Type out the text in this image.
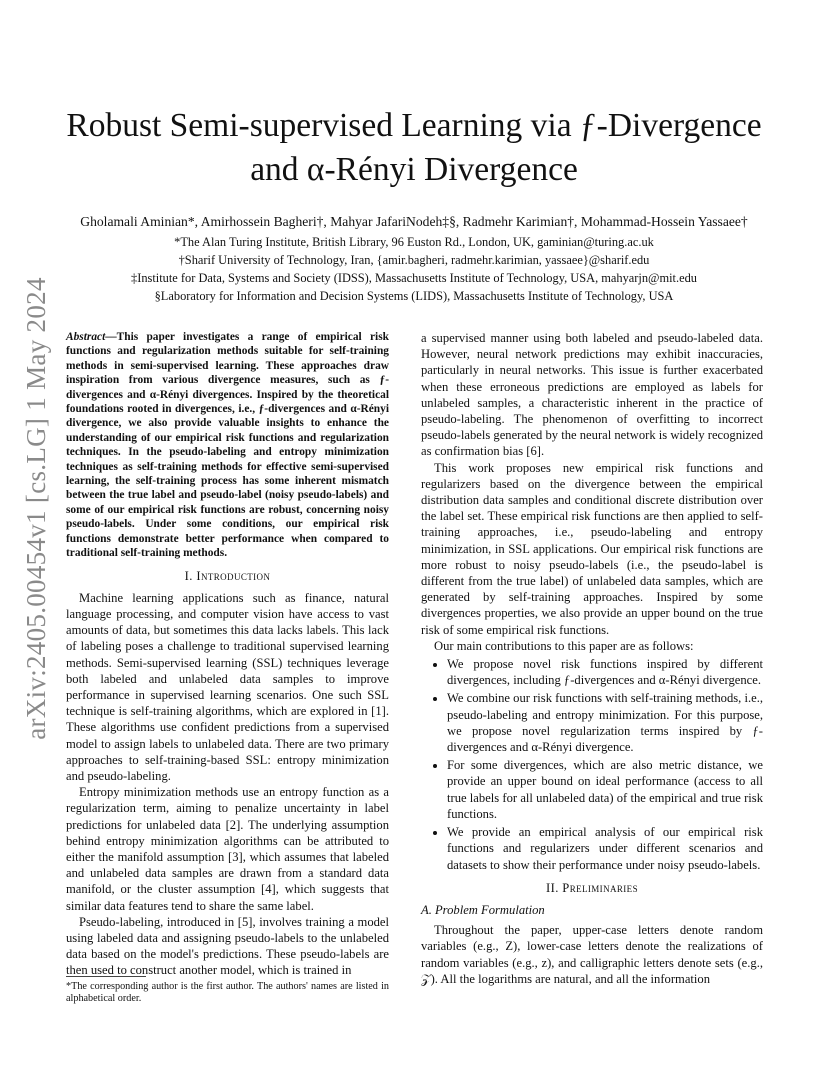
arXiv:2405.00454v1 [cs.LG] 1 May 2024
Robust Semi-supervised Learning via ƒ-Divergence and α-Rényi Divergence
Gholamali Aminian*, Amirhossein Bagheri†, Mahyar JafariNodeh‡§, Radmehr Karimian†, Mohammad-Hossein Yassaee†
*The Alan Turing Institute, British Library, 96 Euston Rd., London, UK, gaminian@turing.ac.uk
†Sharif University of Technology, Iran, {amir.bagheri, radmehr.karimian, yassaee}@sharif.edu
‡Institute for Data, Systems and Society (IDSS), Massachusetts Institute of Technology, USA, mahyarjn@mit.edu
§Laboratory for Information and Decision Systems (LIDS), Massachusetts Institute of Technology, USA

Abstract—This paper investigates a range of empirical risk functions and regularization methods suitable for self-training methods in semi-supervised learning. These approaches draw inspiration from various divergence measures, such as ƒ- divergences and α-Rényi divergences. Inspired by the theoretical foundations rooted in divergences, i.e., ƒ-divergences and α-Rényi divergence, we also provide valuable insights to enhance the understanding of our empirical risk functions and regularization techniques. In the pseudo-labeling and entropy minimization techniques as self-training methods for effective semi-supervised learning, the self-training process has some inherent mismatch between the true label and pseudo-label (noisy pseudo-labels) and some of our empirical risk functions are robust, concerning noisy pseudo-labels. Under some conditions, our empirical risk functions demonstrate better performance when compared to traditional self-training methods.

I. Introduction

Machine learning applications such as finance, natural language processing, and computer vision have access to vast amounts of data, but sometimes this data lacks labels. This lack of labeling poses a challenge to traditional supervised learning methods. Semi-supervised learning (SSL) techniques leverage both labeled and unlabeled data samples to improve performance in supervised learning scenarios. One such SSL technique is self-training algorithms, which are explored in [1]. These algorithms use confident predictions from a supervised model to assign labels to unlabeled data. There are two primary approaches to self-training-based SSL: entropy minimization and pseudo-labeling.

Entropy minimization methods use an entropy function as a regularization term, aiming to penalize uncertainty in label predictions for unlabeled data [2]. The underlying assumption behind entropy minimization algorithms can be attributed to either the manifold assumption [3], which assumes that labeled and unlabeled data samples are drawn from a standard data manifold, or the cluster assumption [4], which suggests that similar data features tend to share the same label.

Pseudo-labeling, introduced in [5], involves training a model using labeled data and assigning pseudo-labels to the unlabeled data based on the model's predictions. These pseudo-labels are then used to construct another model, which is trained in

a supervised manner using both labeled and pseudo-labeled data. However, neural network predictions may exhibit inaccuracies, particularly in neural networks. This issue is further exacerbated when these erroneous predictions are employed as labels for unlabeled samples, a characteristic inherent in the practice of pseudo-labeling. The phenomenon of overfitting to incorrect pseudo-labels generated by the neural network is widely recognized as confirmation bias [6].

This work proposes new empirical risk functions and regularizers based on the divergence between the empirical distribution data samples and conditional discrete distribution over the label set. These empirical risk functions are then applied to self-training approaches, i.e., pseudo-labeling and entropy minimization, in SSL applications. Our empirical risk functions are more robust to noisy pseudo-labels (i.e., the pseudo-label is different from the true label) of unlabeled data samples, which are generated by self-training approaches. Inspired by some divergences properties, we also provide an upper bound on the true risk of some empirical risk functions.

Our main contributions to this paper are as follows:

• We propose novel risk functions inspired by different divergences, including ƒ-divergences and α-Rényi divergence.
• We combine our risk functions with self-training methods, i.e., pseudo-labeling and entropy minimization. For this purpose, we propose novel regularization terms inspired by ƒ-divergences and α-Rényi divergence.
• For some divergences, which are also metric distance, we provide an upper bound on ideal performance (access to all true labels for all unlabeled data) of the empirical and true risk functions.
• We provide an empirical analysis of our empirical risk functions and regularizers under different scenarios and datasets to show their performance under noisy pseudo-labels.
II. Preliminaries
A. Problem Formulation

Throughout the paper, upper-case letters denote random variables (e.g., Z), lower-case letters denote the realizations of random variables (e.g., z), and calligraphic letters denote sets (e.g., 𝒵). All the logarithms are natural, and all the information

*The corresponding author is the first author. The authors' names are listed in alphabetical order.
